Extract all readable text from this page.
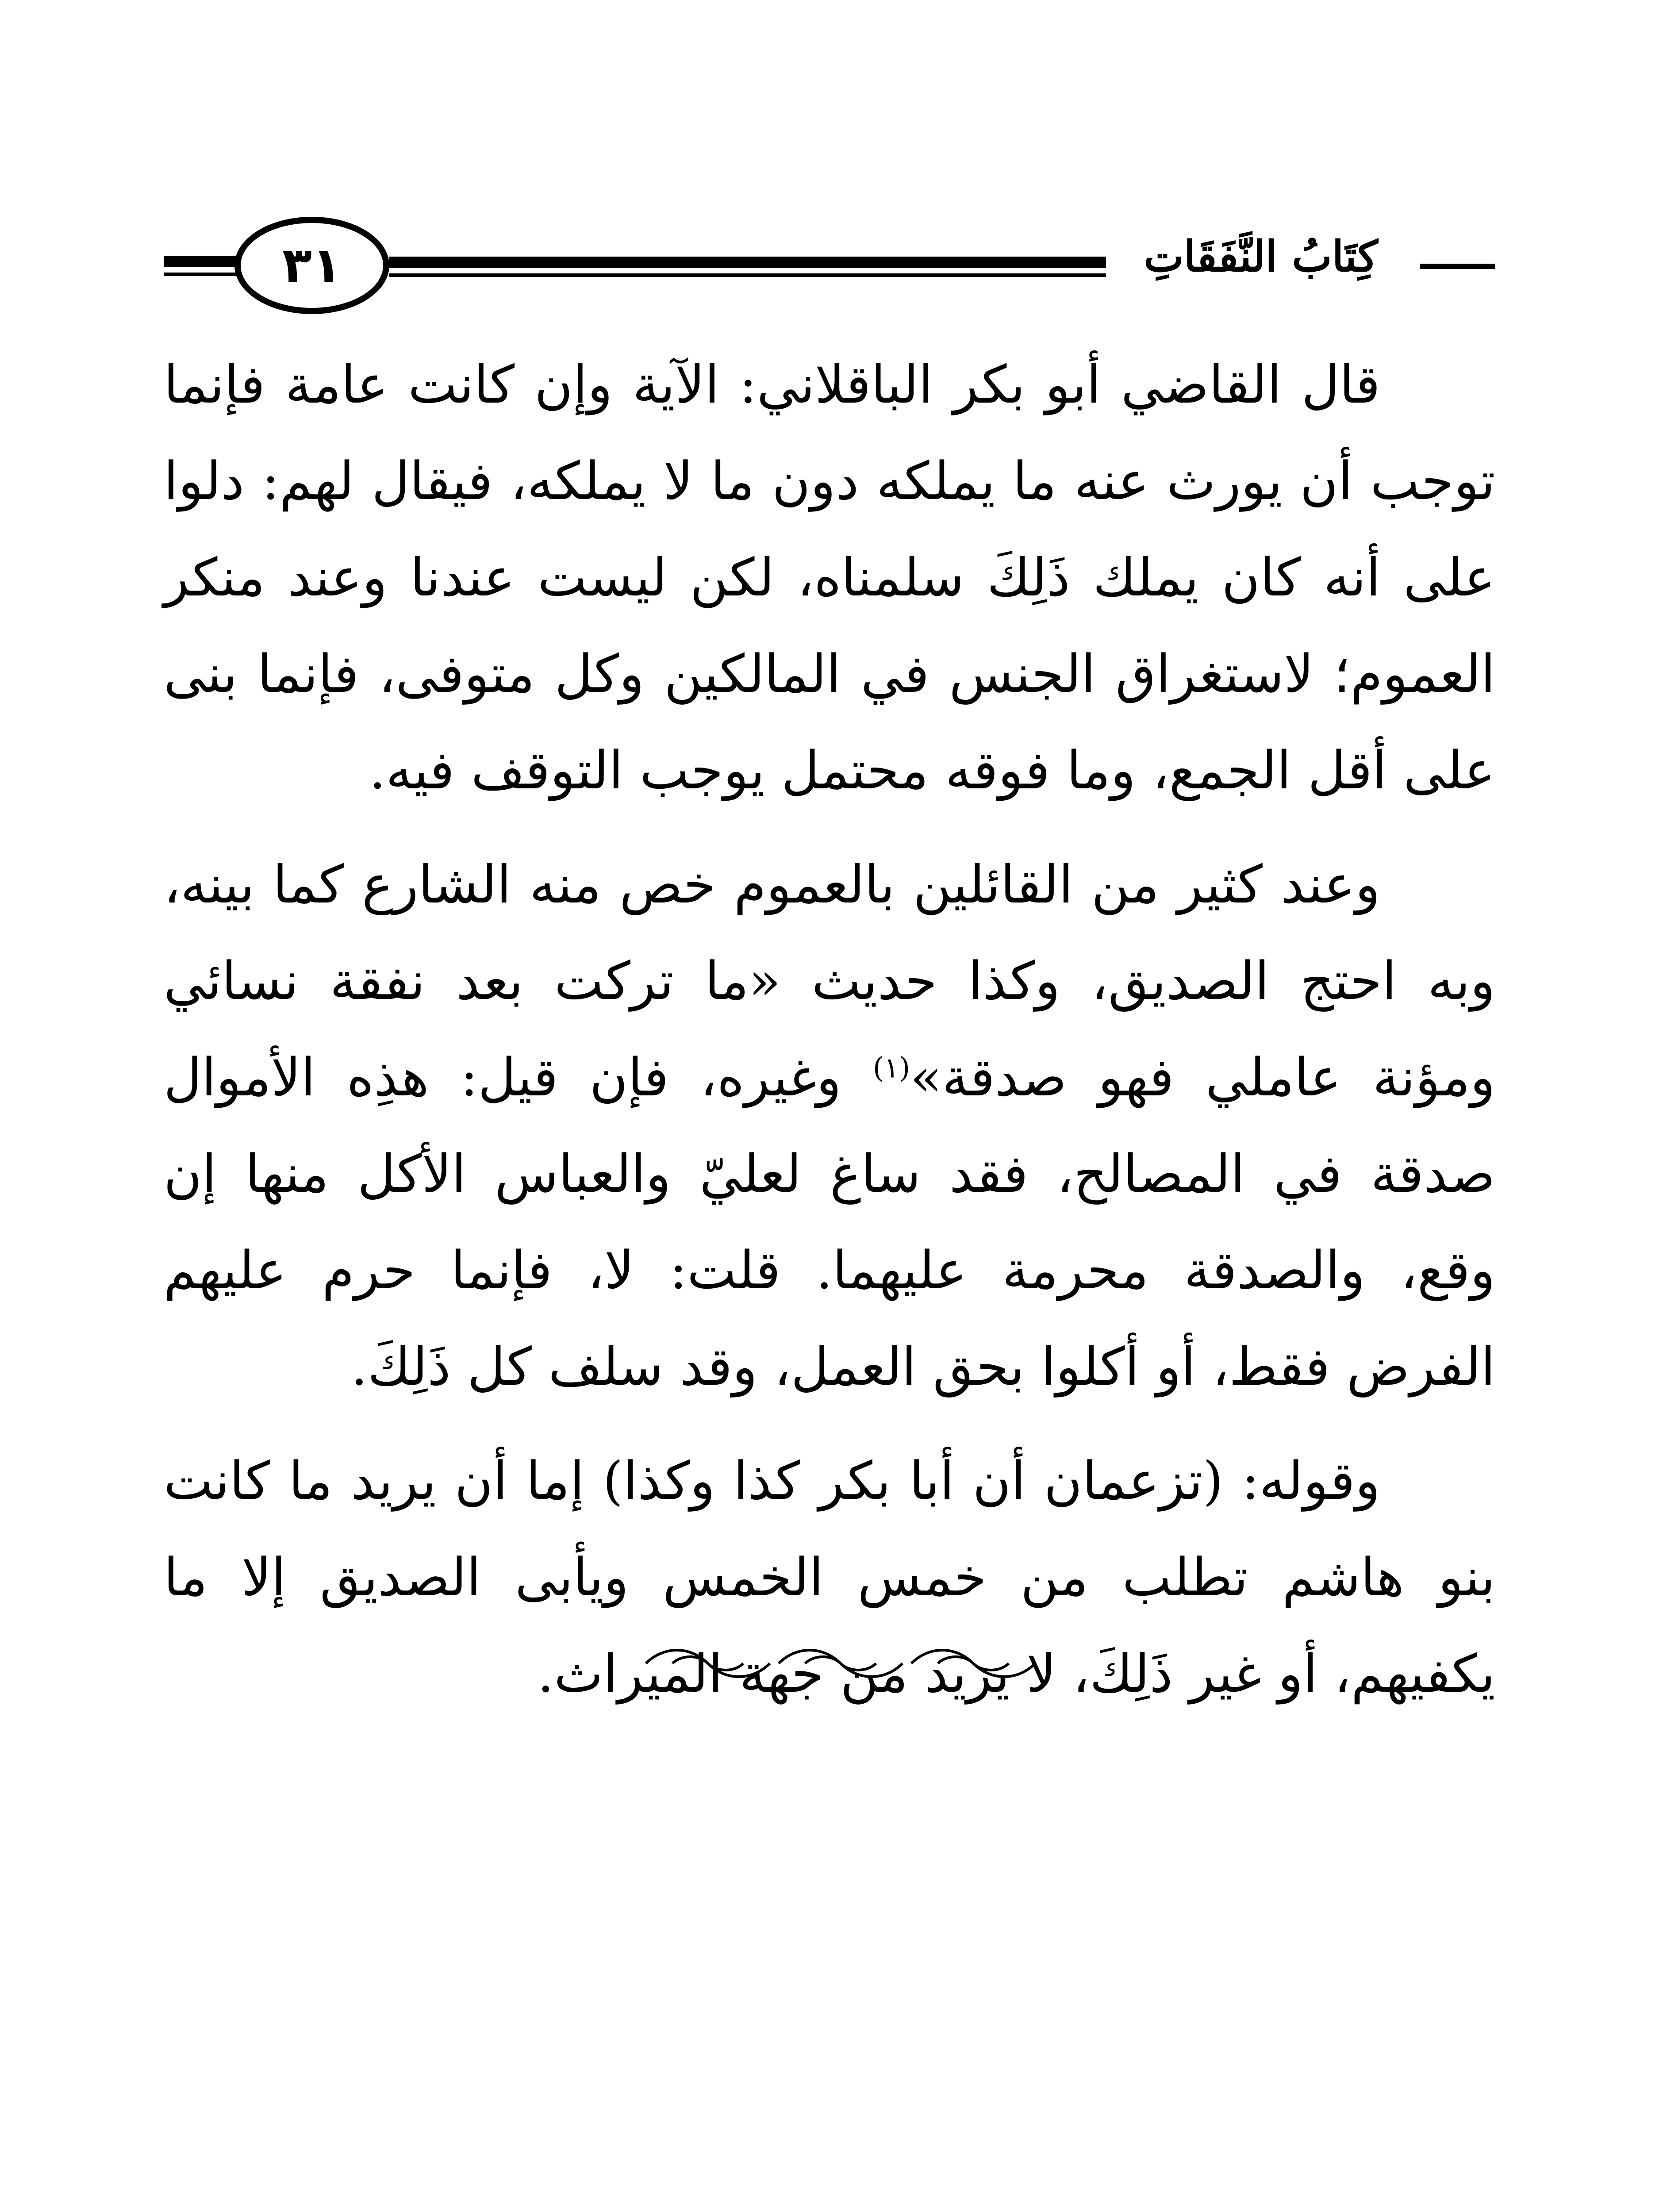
كِتَابُ النَّفَقَاتِ
٣١

قال القاضي أبو بكر الباقلاني: الآية وإن كانت عامة فإنما توجب أن يورث عنه ما يملكه دون ما لا يملكه، فيقال لهم: دلوا على أنه كان يملك ذَلِكَ سلمناه، لكن ليست عندنا وعند منكر العموم؛ لاستغراق الجنس في المالكين وكل متوفى، فإنما بنى على أقل الجمع، وما فوقه محتمل يوجب التوقف فيه.

وعند كثير من القائلين بالعموم خص منه الشارع كما بينه، وبه احتج الصديق، وكذا حديث «ما تركت بعد نفقة نسائي ومؤنة عاملي فهو صدقة»$^{(١)}$ وغيره، فإن قيل: هذِه الأموال صدقة في المصالح، فقد ساغ لعليّ والعباس الأكل منها إن وقع، والصدقة محرمة عليهما. قلت: لا، فإنما حرم عليهم الفرض فقط، أو أكلوا بحق العمل، وقد سلف كل ذَلِكَ.

وقوله: (تزعمان أن أبا بكر كذا وكذا) إما أن يريد ما كانت بنو هاشم تطلب من خمس الخمس ويأبى الصديق إلا ما يكفيهم، أو غير ذَلِكَ، لا يريد من جهة الميراث.
